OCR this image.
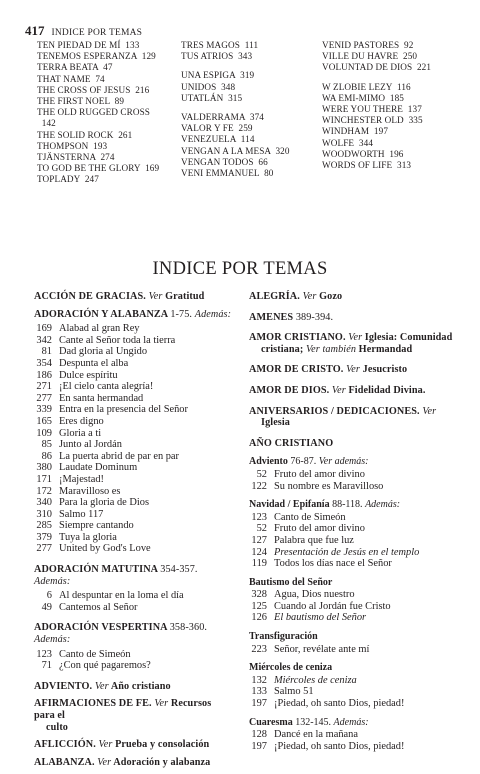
417 INDICE POR TEMAS
TEN PIEDAD DE MÍ  133
TENEMOS ESPERANZA  129
TERRA BEATA  47
THAT NAME  74
THE CROSS OF JESUS  216
THE FIRST NOEL  89
THE OLD RUGGED CROSS
142
THE SOLID ROCK  261
THOMPSON  193
TJÄNSTERNA  274
TO GOD BE THE GLORY  169
TOPLADY  247
TRES MAGOS  111
TUS ATRIOS  343
UNA ESPIGA  319
UNIDOS  348
UTATLÁN  315
VALDERRAMA  374
VALOR Y FE  259
VENEZUELA  114
VENGAN A LA MESA  320
VENGAN TODOS  66
VENI EMMANUEL  80
VENID PASTORES  92
VILLE DU HAVRE  250
VOLUNTAD DE DIOS  221
W ZLOBIE LEZY  116
WA EMI-MIMO  185
WERE YOU THERE  137
WINCHESTER OLD  335
WINDHAM  197
WOLFE  344
WOODWORTH  196
WORDS OF LIFE  313
INDICE POR TEMAS
ACCIÓN DE GRACIAS. Ver Gratitud
ADORACIÓN Y ALABANZA 1-75. Además:
169 Alabad al gran Rey
342 Cante al Señor toda la tierra
81 Dad gloria al Ungido
354 Despunta el alba
186 Dulce espíritu
271 ¡El cielo canta alegría!
277 En santa hermandad
339 Entra en la presencia del Señor
165 Eres digno
109 Gloria a ti
85 Junto al Jordán
86 La puerta abrid de par en par
380 Laudate Dominum
171 ¡Majestad!
172 Maravilloso es
340 Para la gloria de Dios
310 Salmo 117
285 Siempre cantando
379 Tuya la gloria
277 United by God's Love
ADORACIÓN MATUTINA 354-357. Además:
6 Al despuntar en la loma el día
49 Cantemos al Señor
ADORACIÓN VESPERTINA 358-360. Además:
123 Canto de Simeón
71 ¿Con qué pagaremos?
ADVIENTO. Ver Año cristiano
AFIRMACIONES DE FE. Ver Recursos para el
culto
AFLICCIÓN. Ver Prueba y consolación
ALABANZA. Ver Adoración y alabanza
ALEGRÍA. Ver Gozo
AMENES 389-394.
AMOR CRISTIANO. Ver Iglesia: Comunidad
cristiana; Ver también Hermandad
AMOR DE CRISTO. Ver Jesucristo
AMOR DE DIOS. Ver Fidelidad Divina.
ANIVERSARIOS / DEDICACIONES. Ver
Iglesia
AÑO CRISTIANO
Adviento 76-87. Ver además:
52 Fruto del amor divino
122 Su nombre es Maravilloso
Navidad / Epifanía 88-118. Además:
123 Canto de Simeón
52 Fruto del amor divino
127 Palabra que fue luz
124 Presentación de Jesús en el templo
119 Todos los días nace el Señor
Bautismo del Señor
328 Agua, Dios nuestro
125 Cuando al Jordán fue Cristo
126 El bautismo del Señor
Transfiguración
223 Señor, revélate ante mí
Miércoles de ceniza
132 Miércoles de ceniza
133 Salmo 51
197 ¡Piedad, oh santo Dios, piedad!
Cuaresma 132-145. Además:
128 Dancé en la mañana
197 ¡Piedad, oh santo Dios, piedad!
